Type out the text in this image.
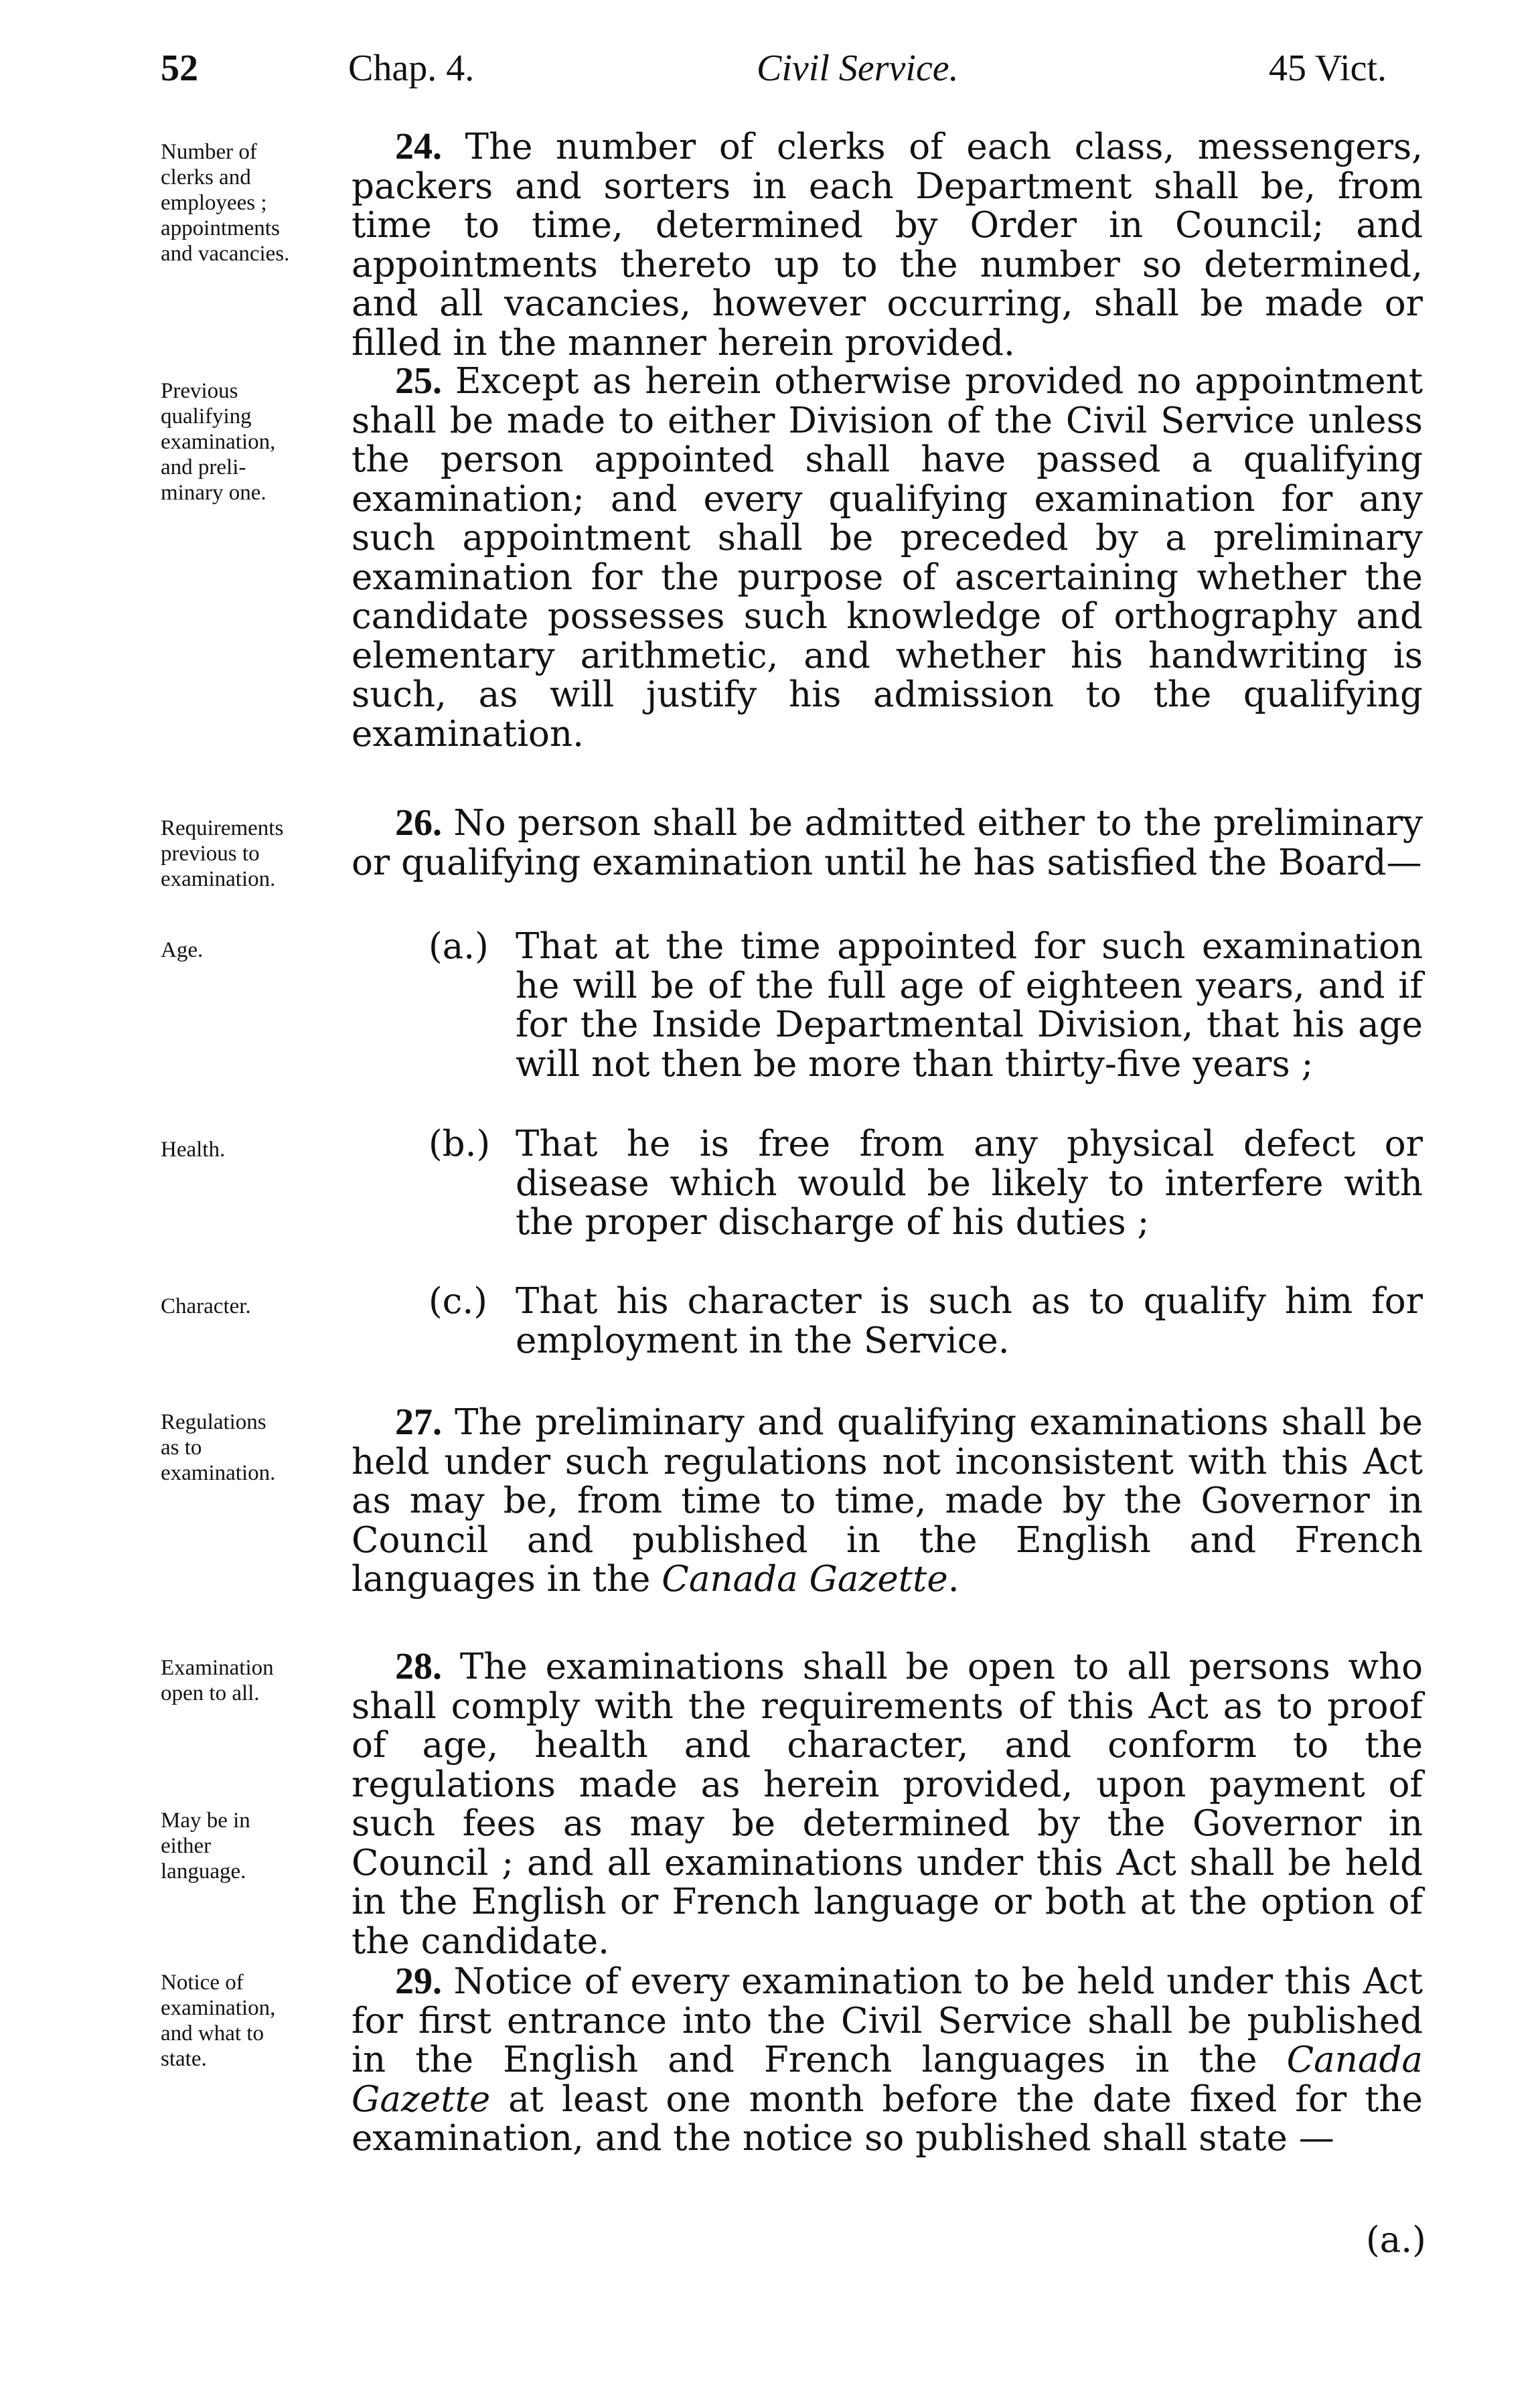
52	Chap. 4.	Civil Service.	45 Vict.
Number of
clerks and
employees ;
appointments
and vacancies.
24. The number of clerks of each class, messengers, packers and sorters in each Department shall be, from time to time, determined by Order in Council; and appointments thereto up to the number so determined, and all vacancies, however occurring, shall be made or filled in the manner herein provided.
Previous
qualifying
examination,
and preli-
minary one.
25. Except as herein otherwise provided no appointment shall be made to either Division of the Civil Service unless the person appointed shall have passed a qualifying examination; and every qualifying examination for any such appointment shall be preceded by a preliminary examination for the purpose of ascertaining whether the candidate possesses such knowledge of orthography and elementary arithmetic, and whether his handwriting is such, as will justify his admission to the qualifying examination.
Requirements
previous to
examination.
26. No person shall be admitted either to the preliminary or qualifying examination until he has satisfied the Board—
Age.	(a.) That at the time appointed for such examination he will be of the full age of eighteen years, and if for the Inside Departmental Division, that his age will not then be more than thirty-five years ;
Health.	(b.) That he is free from any physical defect or disease which would be likely to interfere with the proper discharge of his duties ;
Character.	(c.) That his character is such as to qualify him for employment in the Service.
Regulations
as to
examination.
27. The preliminary and qualifying examinations shall be held under such regulations not inconsistent with this Act as may be, from time to time, made by the Governor in Council and published in the English and French languages in the Canada Gazette.
Examination
open to all.
May be in
either
language.
28. The examinations shall be open to all persons who shall comply with the requirements of this Act as to proof of age, health and character, and conform to the regulations made as herein provided, upon payment of such fees as may be determined by the Governor in Council ; and all examinations under this Act shall be held in the English or French language or both at the option of the candidate.
Notice of
examination,
and what to
state.
29. Notice of every examination to be held under this Act for first entrance into the Civil Service shall be published in the English and French languages in the Canada Gazette at least one month before the date fixed for the examination, and the notice so published shall state —
(a.)
